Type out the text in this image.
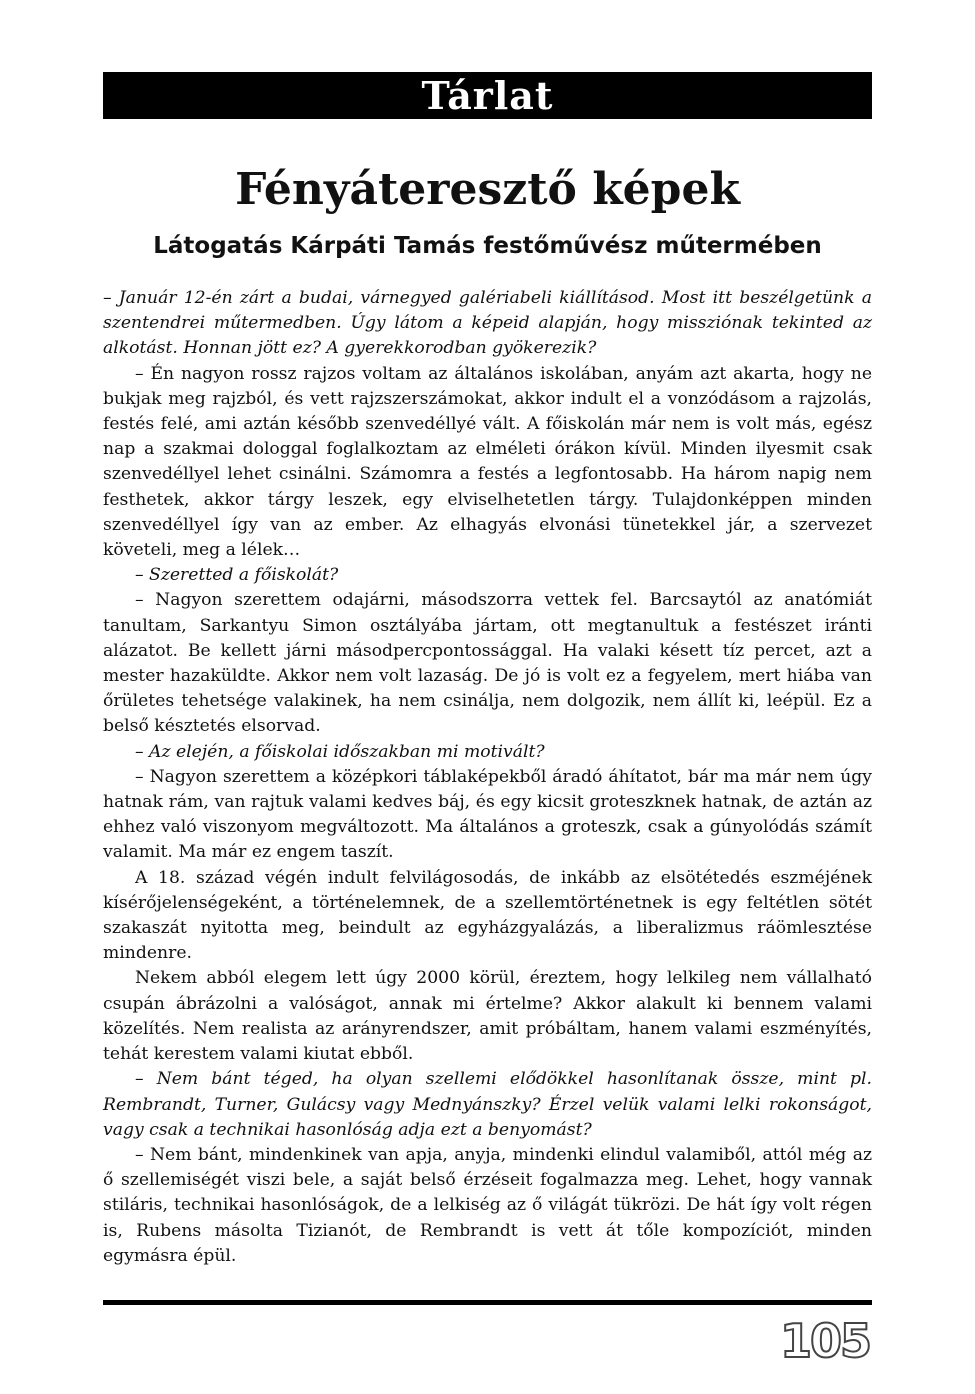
Tárlat
Fényáteresztő képek
Látogatás Kárpáti Tamás festőművész műtermében

– Január 12-én zárt a budai, várnegyed galériabeli kiállításod. Most itt beszélgetünk a szentendrei műtermedben. Úgy látom a képeid alapján, hogy missziónak tekinted az alkotást. Honnan jött ez? A gyerekkorodban gyökerezik?

– Én nagyon rossz rajzos voltam az általános iskolában, anyám azt akarta, hogy ne bukjak meg rajzból, és vett rajzszerszámokat, akkor indult el a vonzódásom a rajzolás, festés felé, ami aztán később szenvedéllyé vált. A főiskolán már nem is volt más, egész nap a szakmai dologgal foglalkoztam az elméleti órákon kívül. Minden ilyesmit csak szenvedéllyel lehet csinálni. Számomra a festés a legfontosabb. Ha három napig nem festhetek, akkor tárgy leszek, egy elviselhetetlen tárgy. Tulajdonképpen minden szenvedéllyel így van az ember. Az elhagyás elvonási tünetekkel jár, a szervezet követeli, meg a lélek…

– Szeretted a főiskolát?

– Nagyon szerettem odajárni, másodszorra vettek fel. Barcsaytól az anatómiát tanultam, Sarkantyu Simon osztályába jártam, ott megtanultuk a festészet iránti alázatot. Be kellett járni másodpercpontossággal. Ha valaki késett tíz percet, azt a mester hazaküldte. Akkor nem volt lazaság. De jó is volt ez a fegyelem, mert hiába van őrületes tehetsége valakinek, ha nem csinálja, nem dolgozik, nem állít ki, leépül. Ez a belső késztetés elsorvad.

– Az elején, a főiskolai időszakban mi motivált?

– Nagyon szerettem a középkori táblaképekből áradó áhítatot, bár ma már nem úgy hatnak rám, van rajtuk valami kedves báj, és egy kicsit groteszknek hatnak, de aztán az ehhez való viszonyom megváltozott. Ma általános a groteszk, csak a gúnyolódás számít valamit. Ma már ez engem taszít.

A 18. század végén indult felvilágosodás, de inkább az elsötétedés eszméjének kísérőjelenségeként, a történelemnek, de a szellemtörténetnek is egy feltétlen sötét szakaszát nyitotta meg, beindult az egyházgyalázás, a liberalizmus ráömlesztése mindenre.

Nekem abból elegem lett úgy 2000 körül, éreztem, hogy lelkileg nem vállalható csupán ábrázolni a valóságot, annak mi értelme? Akkor alakult ki bennem valami közelítés. Nem realista az arányrendszer, amit próbáltam, hanem valami eszményítés, tehát kerestem valami kiutat ebből.

– Nem bánt téged, ha olyan szellemi elődökkel hasonlítanak össze, mint pl. Rembrandt, Turner, Gulácsy vagy Mednyánszky? Érzel velük valami lelki rokonságot, vagy csak a technikai hasonlóság adja ezt a benyomást?

– Nem bánt, mindenkinek van apja, anyja, mindenki elindul valamiből, attól még az ő szellemiségét viszi bele, a saját belső érzéseit fogalmazza meg. Lehet, hogy vannak stiláris, technikai hasonlóságok, de a lelkiség az ő világát tükrözi. De hát így volt régen is, Rubens másolta Tizianót, de Rembrandt is vett át tőle kompozíciót, minden egymásra épül.

105
